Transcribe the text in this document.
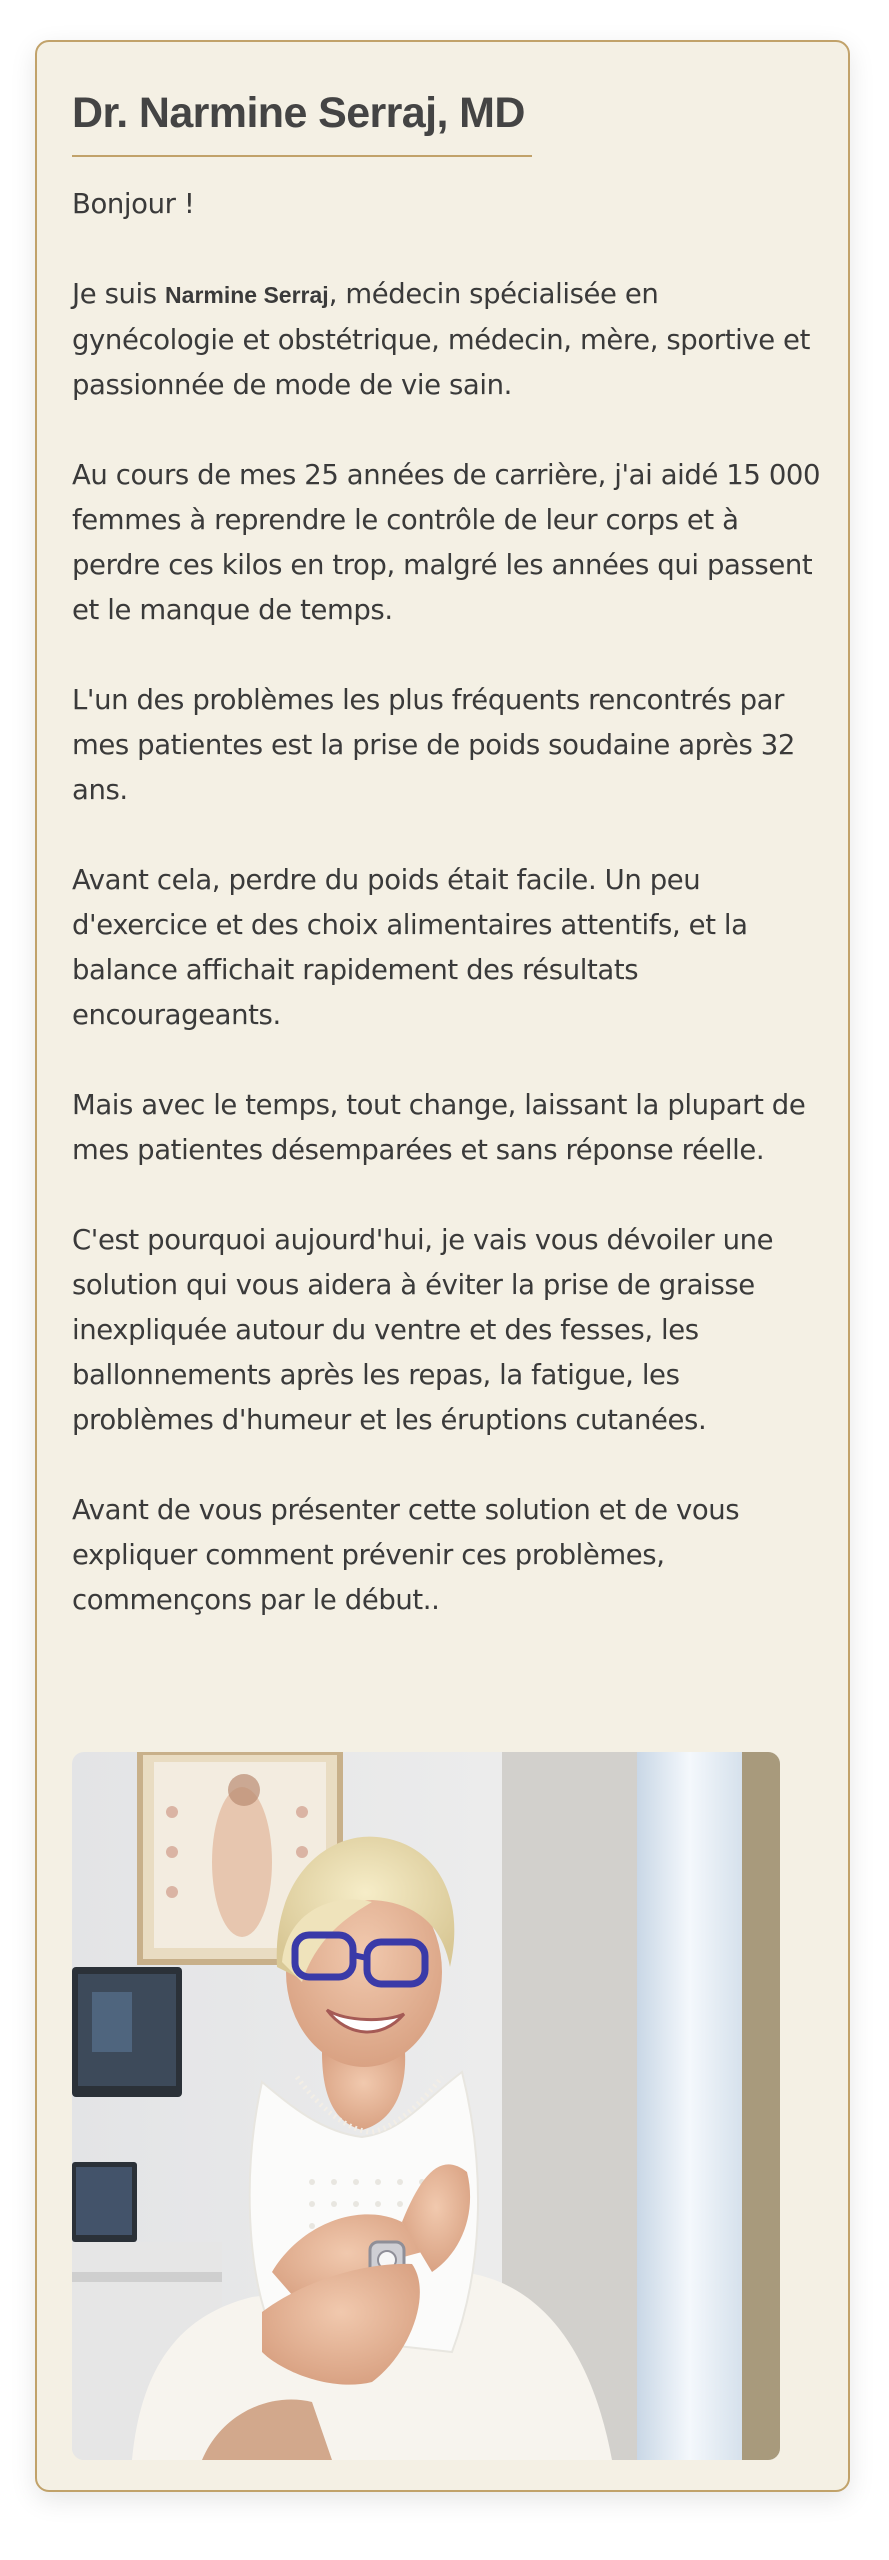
Dr. Narmine Serraj, MD

Bonjour !

Je suis Narmine Serraj, médecin spécialisée en gynécologie et obstétrique, médecin, mère, sportive et passionnée de mode de vie sain.

Au cours de mes 25 années de carrière, j'ai aidé 15 000 femmes à reprendre le contrôle de leur corps et à perdre ces kilos en trop, malgré les années qui passent et le manque de temps.

L'un des problèmes les plus fréquents rencontrés par mes patientes est la prise de poids soudaine après 32 ans.

Avant cela, perdre du poids était facile. Un peu d'exercice et des choix alimentaires attentifs, et la balance affichait rapidement des résultats encourageants.

Mais avec le temps, tout change, laissant la plupart de mes patientes désemparées et sans réponse réelle.

C'est pourquoi aujourd'hui, je vais vous dévoiler une solution qui vous aidera à éviter la prise de graisse inexpliquée autour du ventre et des fesses, les ballonnements après les repas, la fatigue, les problèmes d'humeur et les éruptions cutanées.

Avant de vous présenter cette solution et de vous expliquer comment prévenir ces problèmes, commençons par le début..
